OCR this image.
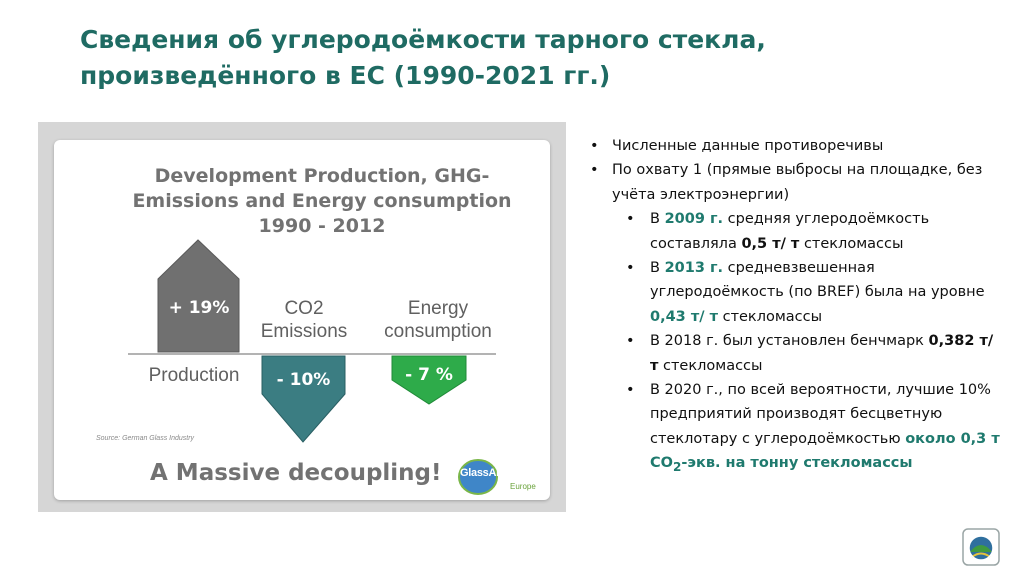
Сведения об углеродоёмкости тарного стекла,
произведённого в ЕС (1990-2021 гг.)
Development Production, GHG-
Emissions and Energy consumption
1990 - 2012
+ 19%
- 10%	- 7 %
Production
CO2
Emissions
Energy
consumption
Source: German Glass Industry
A Massive decoupling! GlassAlliance
Europe
• Численные данные противоречивы
• По охвату 1 (прямые выбросы на площадке, без учёта электроэнергии)
• В 2009 г. средняя углеродоёмкость составляла 0,5 т/ т стекломассы
• В 2013 г. средневзвешенная углеродоёмкость (по BREF) была на уровне 0,43 т/ т стекломассы
• В 2018 г. был установлен бенчмарк 0,382 т/ т стекломассы
• В 2020 г., по всей вероятности, лучшие 10% предприятий производят бесцветную стеклотару с углеродоёмкостью около 0,3 т $CO_2$-экв. на тонну стекломассы
